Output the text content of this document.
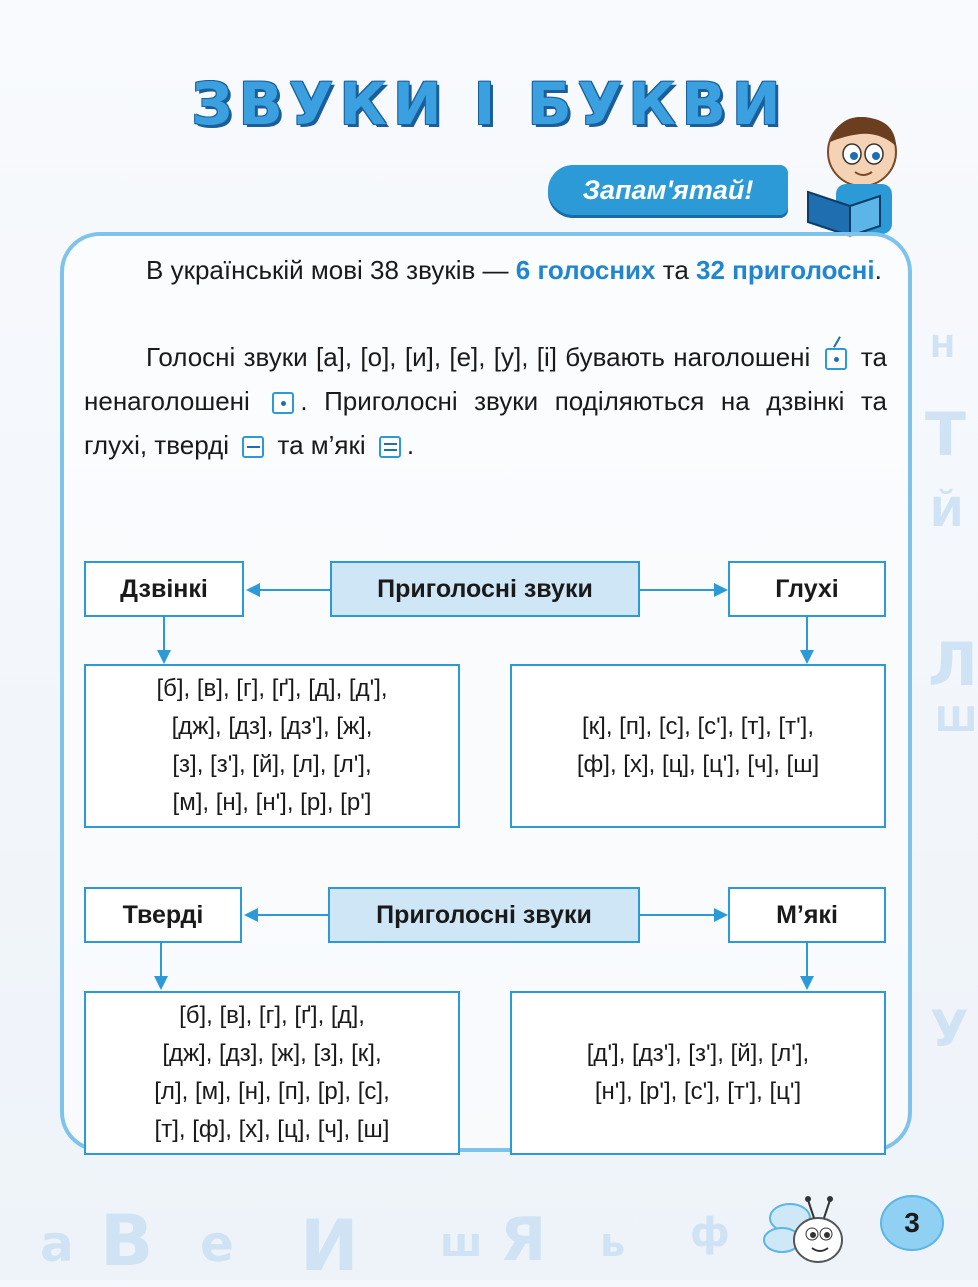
Н
Т
Й
Л
Ш
У
а В е И ш Я ь ф
ЗВУКИ І БУКВИ
Запам'ятай!
В українській мові 38 звуків — 6 голосних та 32 приголосні.
Голосні звуки [а], [о], [и], [е], [у], [і] бувають наголошені
та ненаголошені
. Приголосні звуки поділяються на дзвінкі та глухі, тверді
та м’які
.
Дзвінкі	Приголосні звуки	Глухі
[б], [в], [г], [ґ], [д], [д'],
[дж], [дз], [дз'], [ж],
[з], [з'], [й], [л], [л'],
[м], [н], [н'], [р], [р']
[к], [п], [с], [с'], [т], [т'],
[ф], [х], [ц], [ц'], [ч], [ш]
Тверді	Приголосні звуки	М’які
[б], [в], [г], [ґ], [д],
[дж], [дз], [ж], [з], [к],
[л], [м], [н], [п], [р], [с],
[т], [ф], [х], [ц], [ч], [ш]
[д'], [дз'], [з'], [й], [л'],
[н'], [р'], [с'], [т'], [ц']
3
